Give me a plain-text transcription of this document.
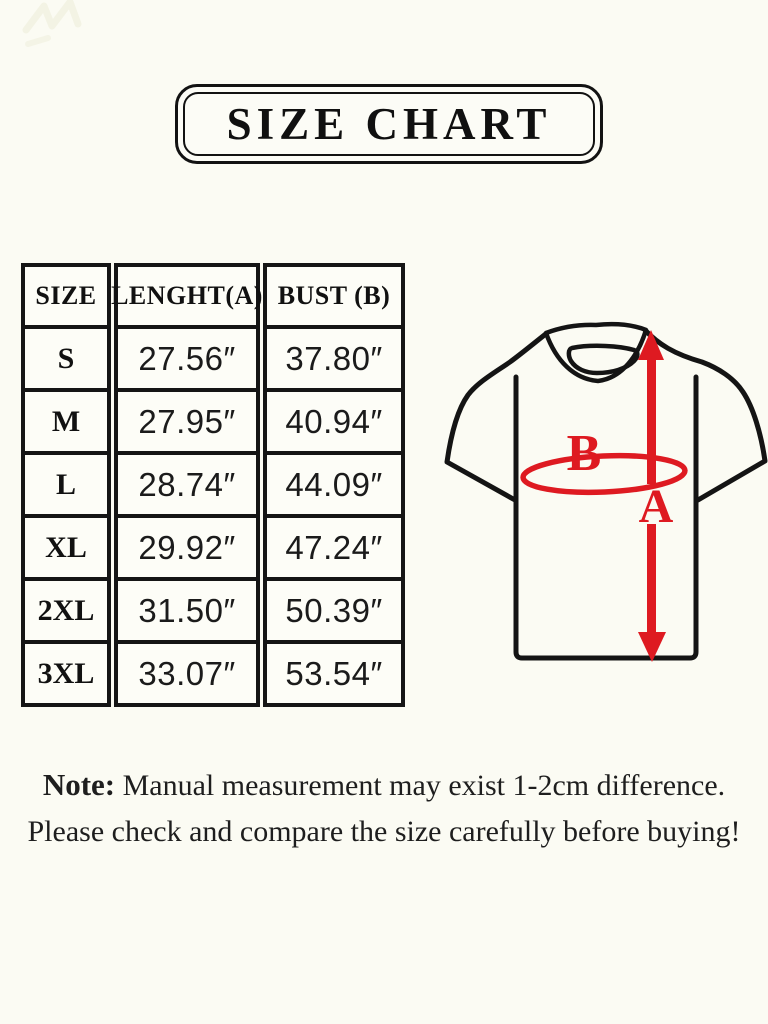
SIZE CHART
SIZE LENGHT(A) BUST (B)
S 27.56″ 37.80″
M 27.95″ 40.94″
L 28.74″ 44.09″
XL 29.92″ 47.24″
2XL 31.50″ 50.39″
3XL 33.07″ 53.54″
B
A
Note: Manual measurement may exist 1-2cm difference.
Please check and compare the size carefully before buying!
